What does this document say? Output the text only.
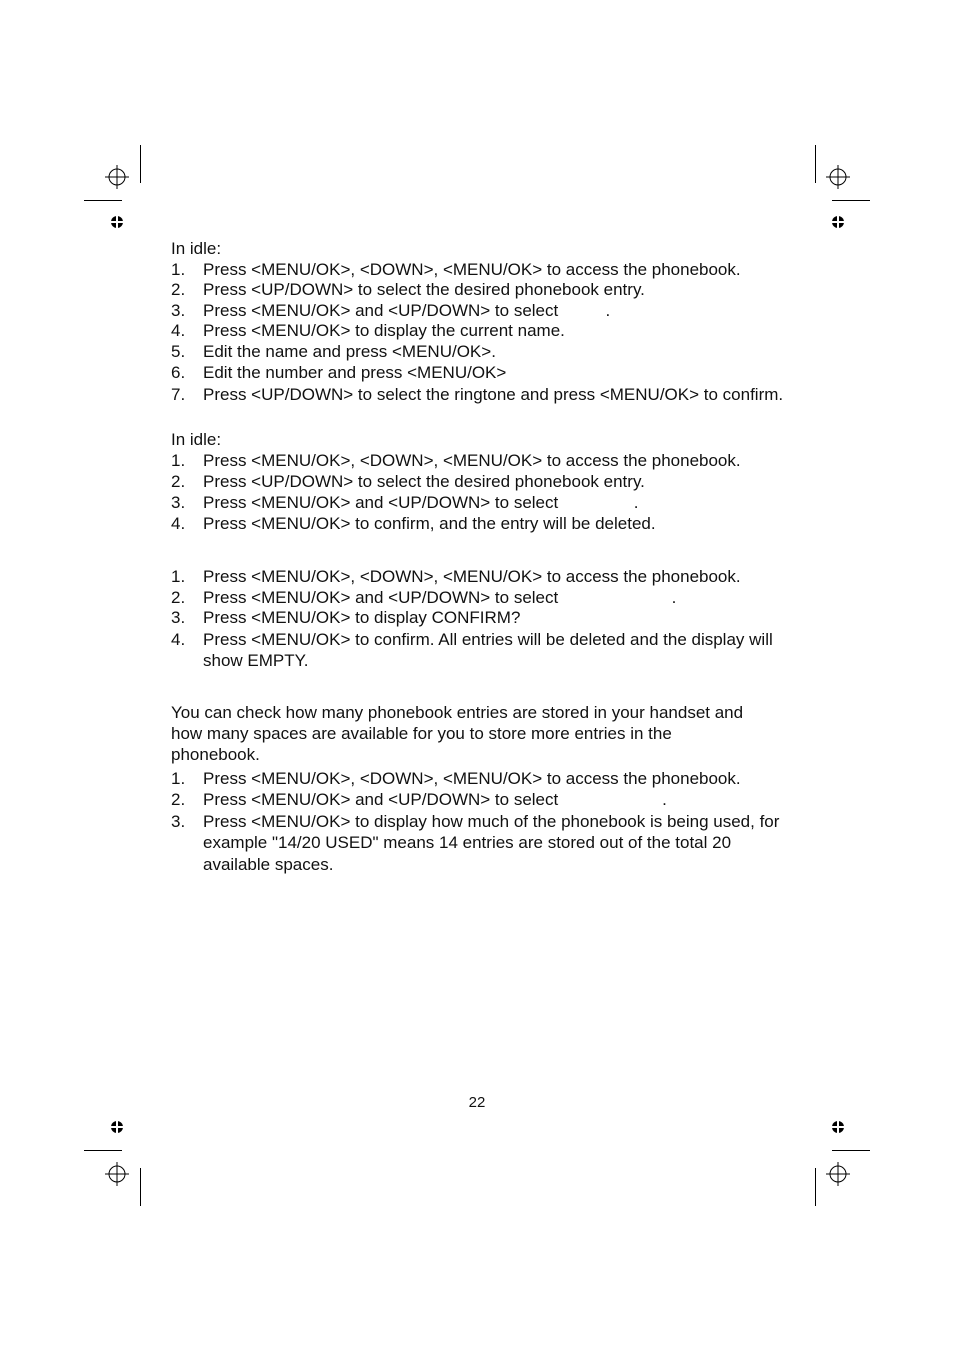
In idle:

1. Press <MENU/OK>, <DOWN>, <MENU/OK> to access the phonebook.
2. Press <UP/DOWN> to select the desired phonebook entry.
3. Press <MENU/OK> and <UP/DOWN> to select          .
4. Press <MENU/OK> to display the current name.
5. Edit the name and press <MENU/OK>.
6. Edit the number and press <MENU/OK>
7. Press <UP/DOWN> to select the ringtone and press <MENU/OK> to confirm.

In idle:

1. Press <MENU/OK>, <DOWN>, <MENU/OK> to access the phonebook.
2. Press <UP/DOWN> to select the desired phonebook entry.
3. Press <MENU/OK> and <UP/DOWN> to select                .
4. Press <MENU/OK> to confirm, and the entry will be deleted.
1. Press <MENU/OK>, <DOWN>, <MENU/OK> to access the phonebook.
2. Press <MENU/OK> and <UP/DOWN> to select                        .
3. Press <MENU/OK> to display CONFIRM?
4. Press <MENU/OK> to confirm. All entries will be deleted and the display will show EMPTY.

You can check how many phonebook entries are stored in your handset and how many spaces are available for you to store more entries in the phonebook.

1. Press <MENU/OK>, <DOWN>, <MENU/OK> to access the phonebook.
2. Press <MENU/OK> and <UP/DOWN> to select                      .
3. Press <MENU/OK> to display how much of the phonebook is being used, for example "14/20 USED" means 14 entries are stored out of the total 20 available spaces.
22
